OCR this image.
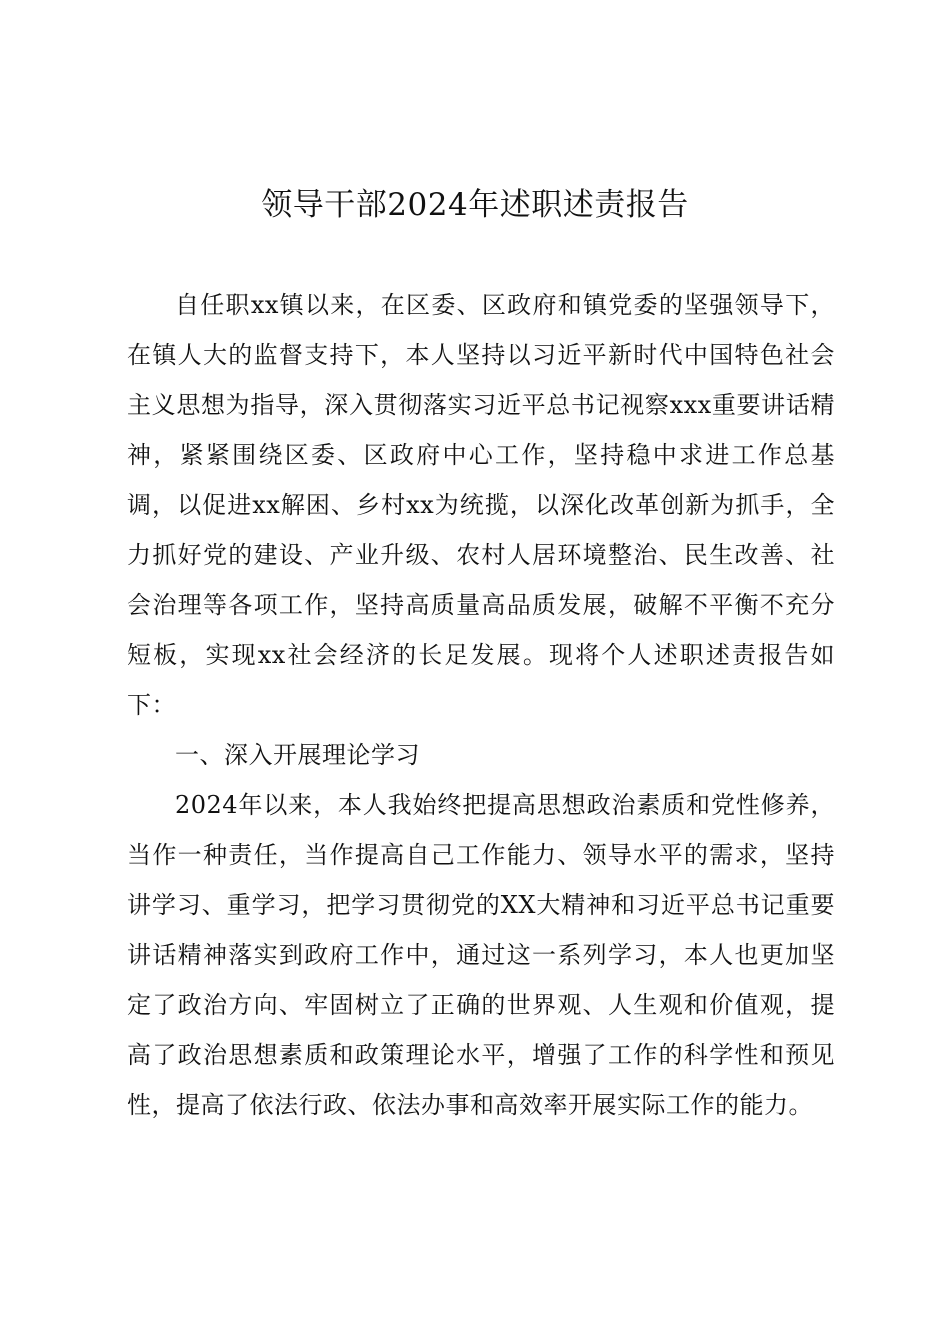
领导干部2024年述职述责报告

自任职xx镇以来，在区委、区政府和镇党委的坚强领导下，在镇人大的监督支持下，本人坚持以习近平新时代中国特色社会主义思想为指导，深入贯彻落实习近平总书记视察xxx重要讲话精神，紧紧围绕区委、区政府中心工作，坚持稳中求进工作总基调，以促进xx解困、乡村xx为统揽，以深化改革创新为抓手，全力抓好党的建设、产业升级、农村人居环境整治、民生改善、社会治理等各项工作，坚持高质量高品质发展，破解不平衡不充分短板，实现xx社会经济的长足发展。现将个人述职述责报告如下：

一、深入开展理论学习

2024年以来，本人我始终把提高思想政治素质和党性修养，当作一种责任，当作提高自己工作能力、领导水平的需求，坚持讲学习、重学习，把学习贯彻党的XX大精神和习近平总书记重要讲话精神落实到政府工作中，通过这一系列学习，本人也更加坚定了政治方向、牢固树立了正确的世界观、人生观和价值观，提高了政治思想素质和政策理论水平，增强了工作的科学性和预见性，提高了依法行政、依法办事和高效率开展实际工作的能力。
